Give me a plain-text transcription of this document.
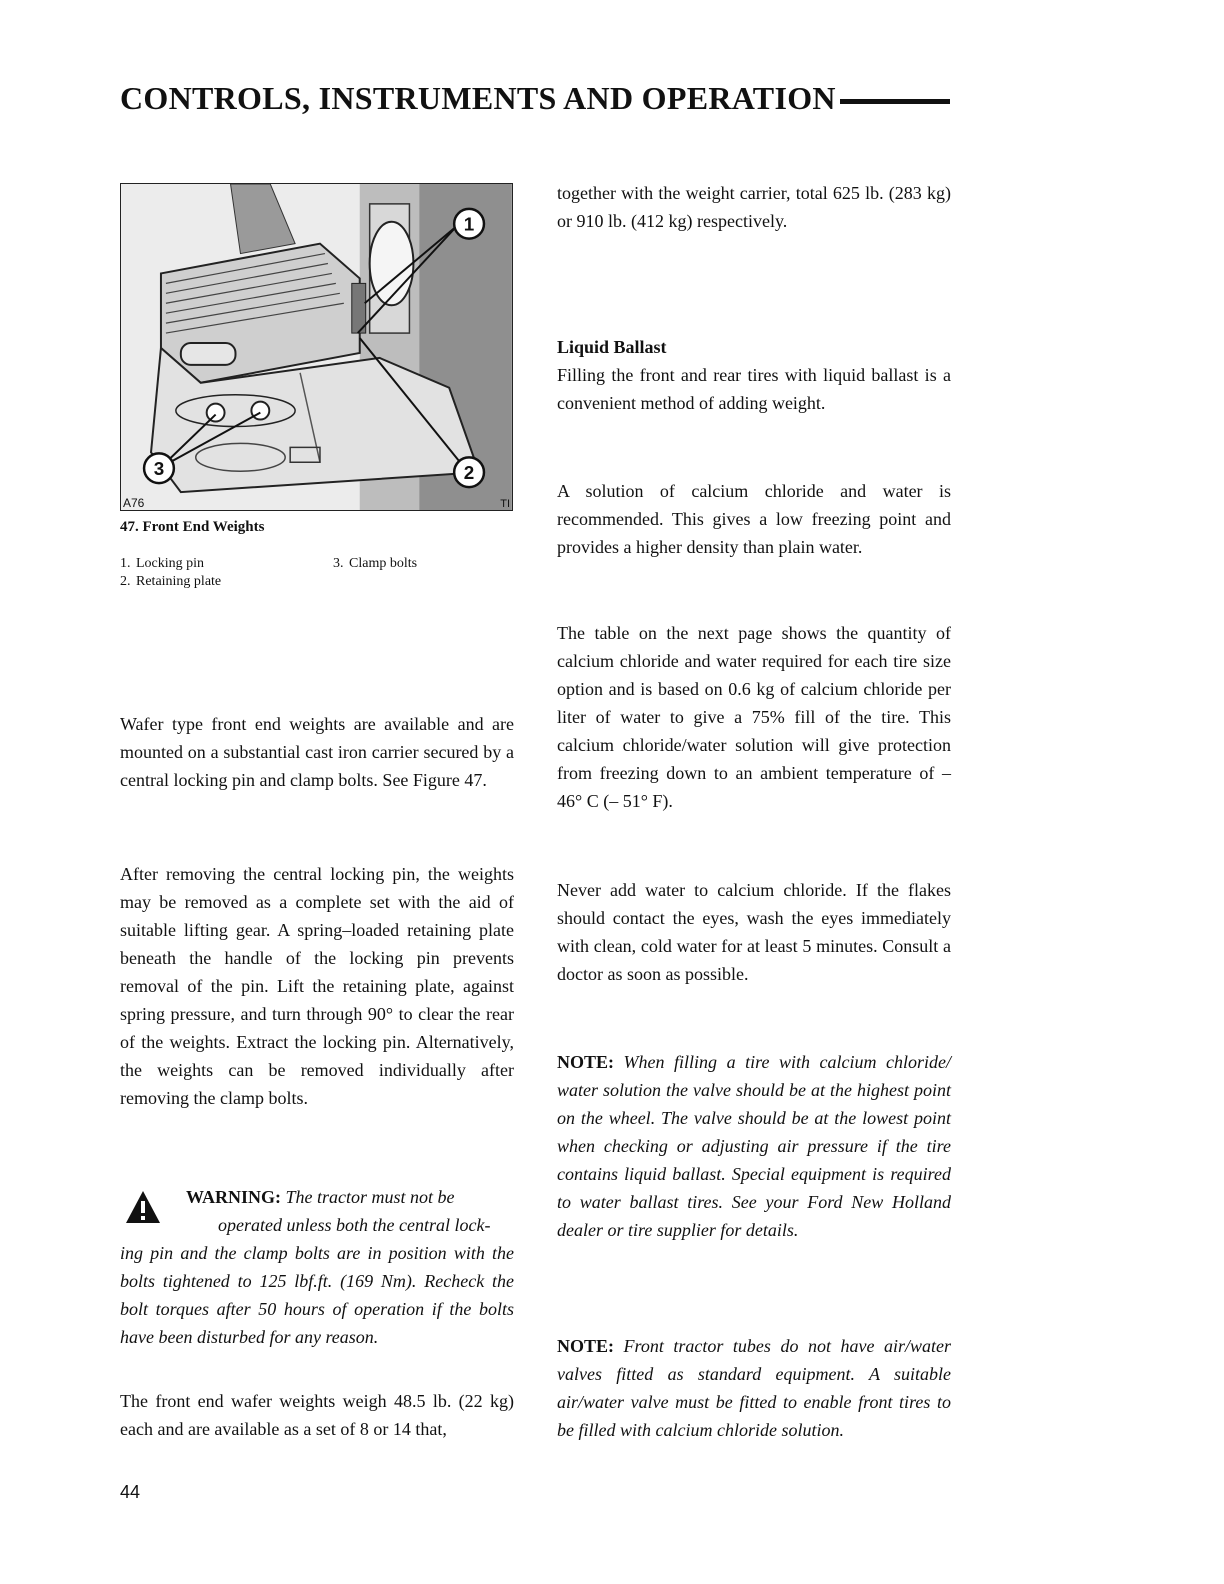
CONTROLS, INSTRUMENTS AND OPERATION
1
2
3
A76	TI
47. Front End Weights
1. Locking pin	3. Clamp bolts
2. Retaining plate

Wafer type front end weights are available and are mounted on a substantial cast iron carrier secured by a central locking pin and clamp bolts. See Figure 47.

After removing the central locking pin, the weights may be removed as a complete set with the aid of suitable lifting gear. A spring–loaded retaining plate beneath the handle of the locking pin prevents removal of the pin. Lift the retaining plate, against spring pressure, and turn through 90° to clear the rear of the weights. Extract the locking pin. Alternatively, the weights can be removed individually after removing the clamp bolts.

WARNING: The tractor must not be
operated unless both the central lock-
ing pin and the clamp bolts are in position with the bolts tightened to 125 lbf.ft. (169 Nm). Recheck the bolt torques after 50 hours of operation if the bolts have been disturbed for any reason.

The front end wafer weights weigh 48.5 lb. (22 kg) each and are available as a set of 8 or 14 that,

together with the weight carrier, total 625 lb. (283 kg) or 910 lb. (412 kg) respectively.

Liquid Ballast

Filling the front and rear tires with liquid ballast is a convenient method of adding weight.

A solution of calcium chloride and water is recommended. This gives a low freezing point and provides a higher density than plain water.

The table on the next page shows the quantity of calcium chloride and water required for each tire size option and is based on 0.6 kg of calcium chloride per liter of water to give a 75% fill of the tire. This calcium chloride/water solution will give protection from freezing down to an ambient temperature of – 46° C (– 51° F).

Never add water to calcium chloride. If the flakes should contact the eyes, wash the eyes immediately with clean, cold water for at least 5 minutes. Consult a doctor as soon as possible.

NOTE: When filling a tire with calcium chloride/ water solution the valve should be at the highest point on the wheel. The valve should be at the lowest point when checking or adjusting air pressure if the tire contains liquid ballast. Special equipment is required to water ballast tires. See your Ford New Holland dealer or tire supplier for details.

NOTE: Front tractor tubes do not have air/water valves fitted as standard equipment. A suitable air/water valve must be fitted to enable front tires to be filled with calcium chloride solution.

44
